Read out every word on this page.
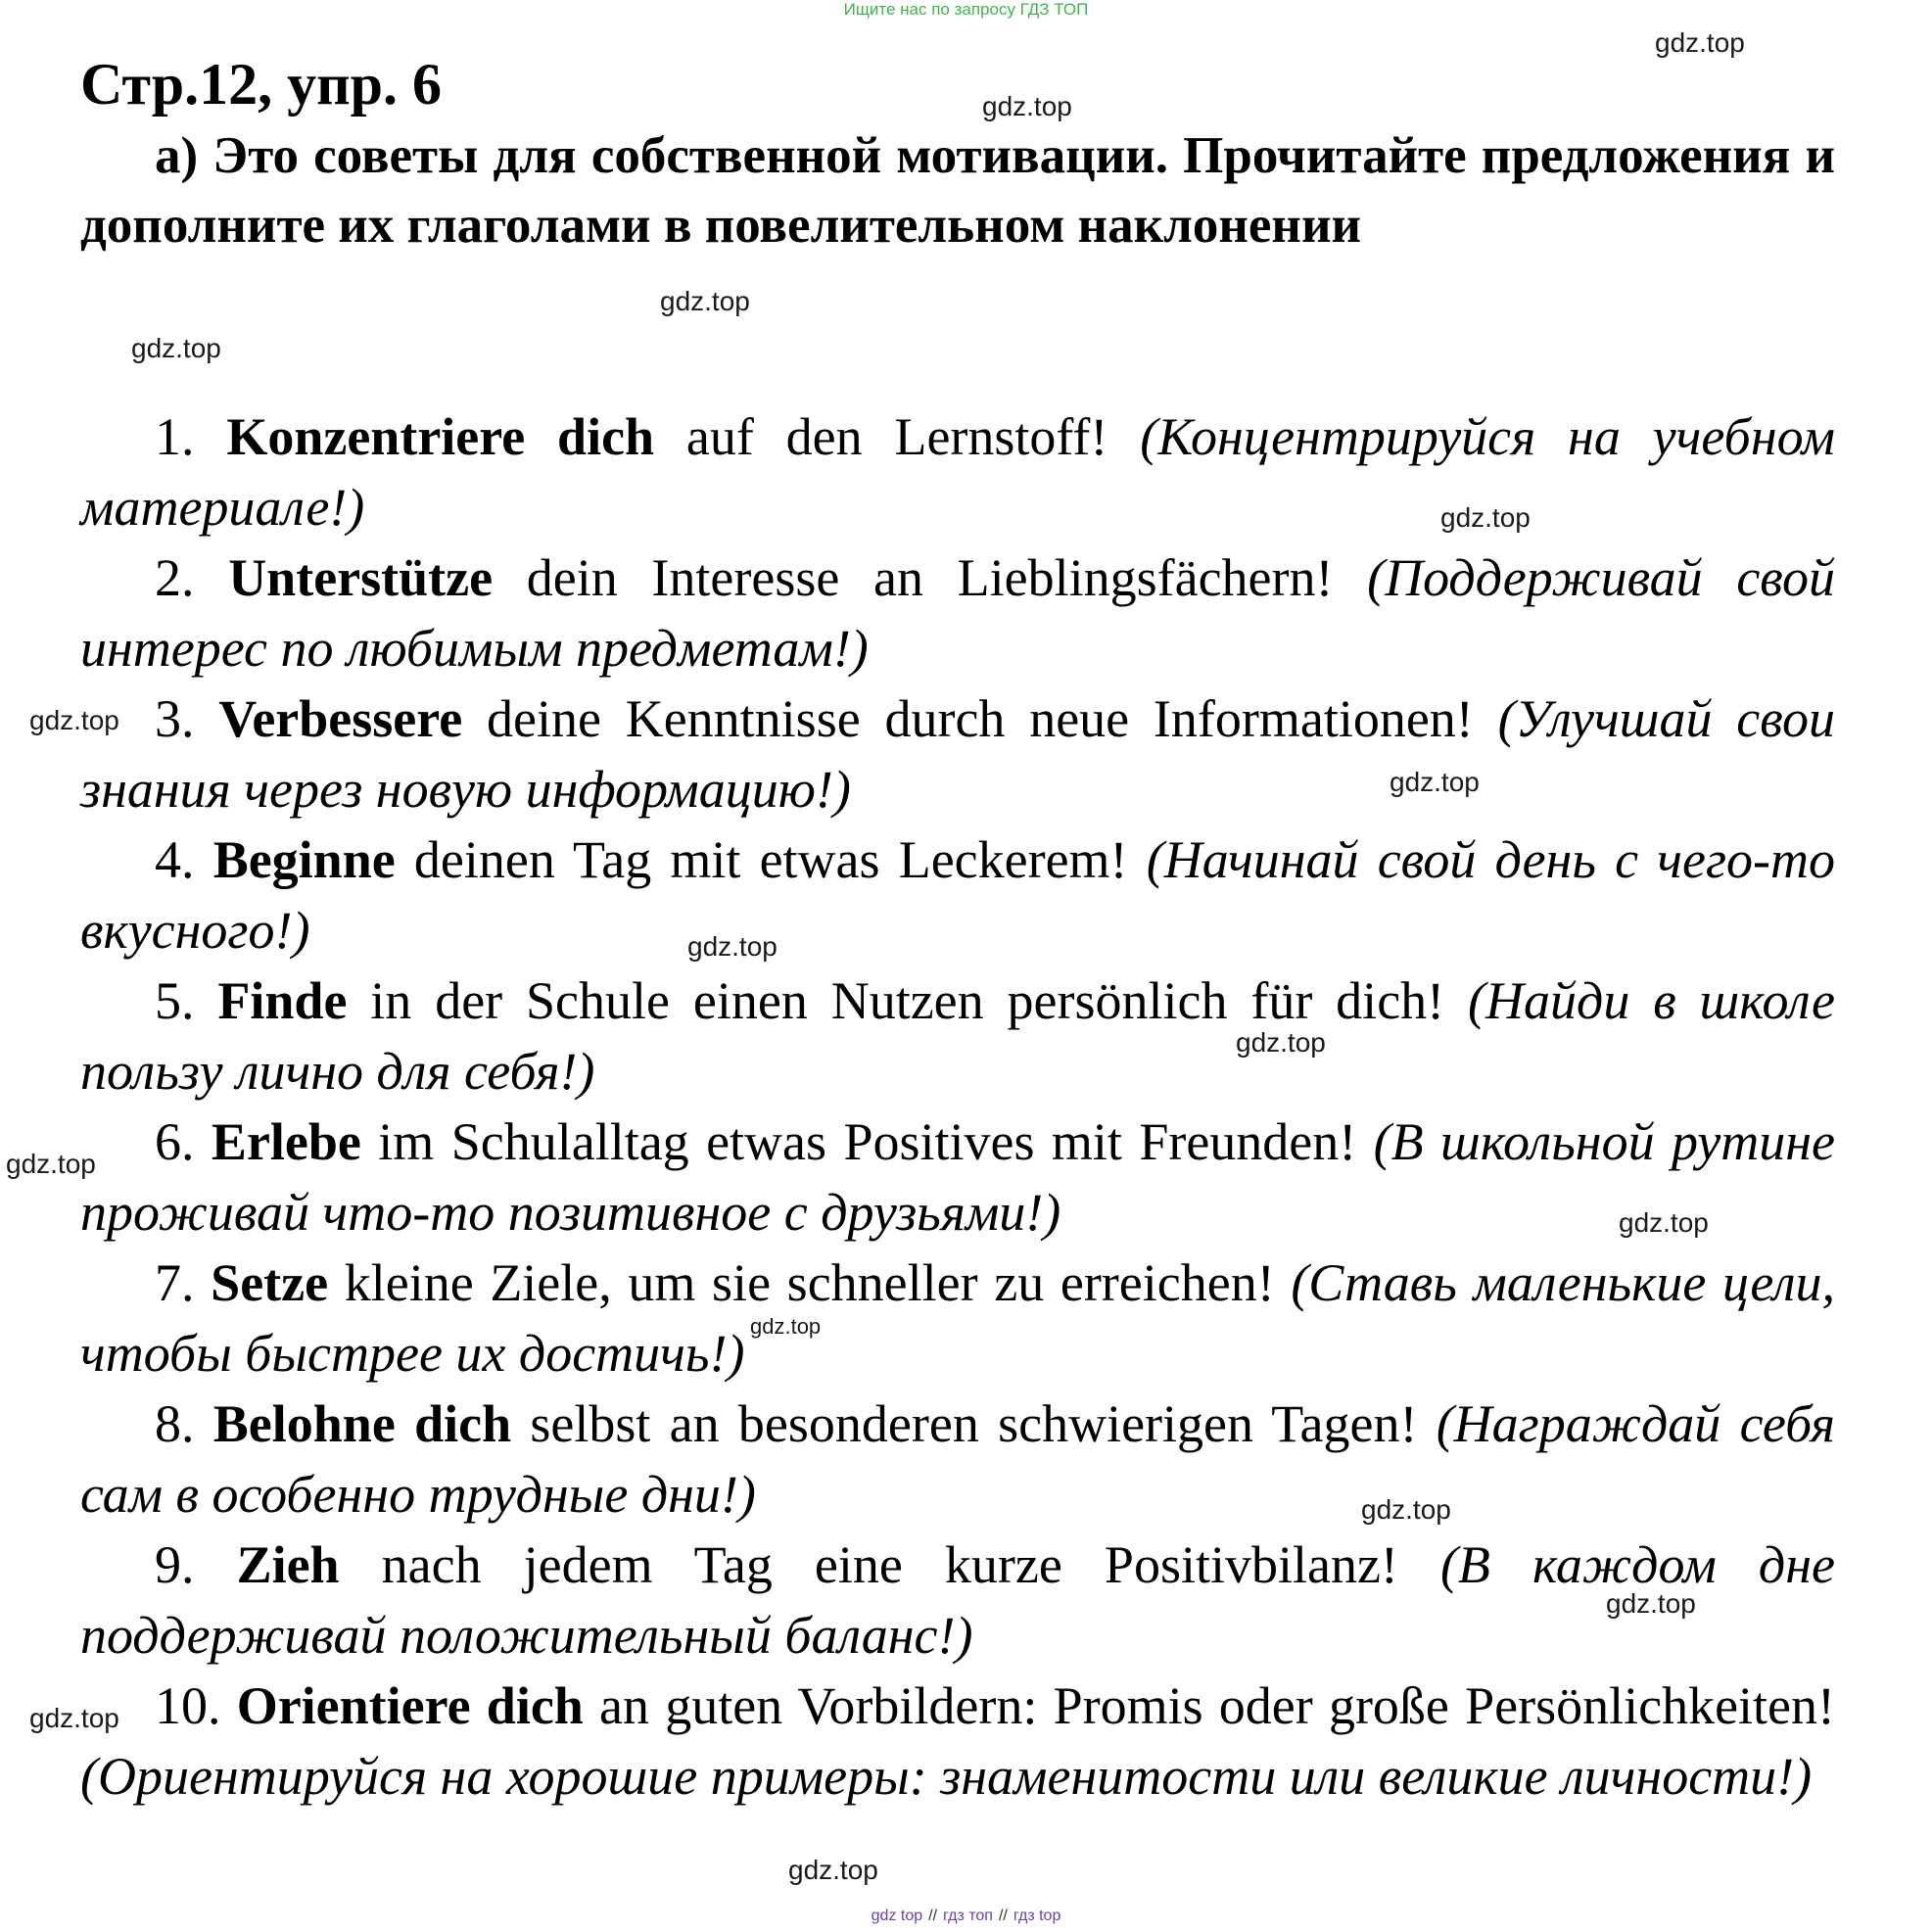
Ищите нас по запросу ГДЗ ТОП
Стр.12, упр. 6
а) Это советы для собственной мотивации. Прочитайте предложения и дополните их глаголами в повелительном наклонении

1. Konzentriere dich auf den Lernstoff! (Концентрируйся на учебном материале!)

2. Unterstütze dein Interesse an Lieblingsfächern! (Поддерживай свой интерес по любимым предметам!)

3. Verbessere deine Kenntnisse durch neue Informationen! (Улучшай свои знания через новую информацию!)

4. Beginne deinen Tag mit etwas Leckerem! (Начинай свой день с чего-то вкусного!)

5. Finde in der Schule einen Nutzen persönlich für dich! (Найди в школе пользу лично для себя!)

6. Erlebe im Schulalltag etwas Positives mit Freunden! (В школьной рутине проживай что-то позитивное с друзьями!)

7. Setze kleine Ziele, um sie schneller zu erreichen! (Ставь маленькие цели, чтобы быстрее их достичь!)

8. Belohne dich selbst an besonderen schwierigen Tagen! (Награждай себя сам в особенно трудные дни!)

9. Zieh nach jedem Tag eine kurze Positivbilanz! (В каждом дне поддерживай положительный баланс!)

10. Orientiere dich an guten Vorbildern: Promis oder große Persönlichkeiten! (Ориентируйся на хорошие примеры: знаменитости или великие личности!)

gdz.top
gdz.top
gdz.top
gdz.top
gdz.top
gdz.top
gdz.top
gdz.top
gdz.top
gdz.top
gdz.top
gdz.top
gdz.top
gdz.top
gdz.top
gdz.top
gdz top // гдз топ // гдз top
